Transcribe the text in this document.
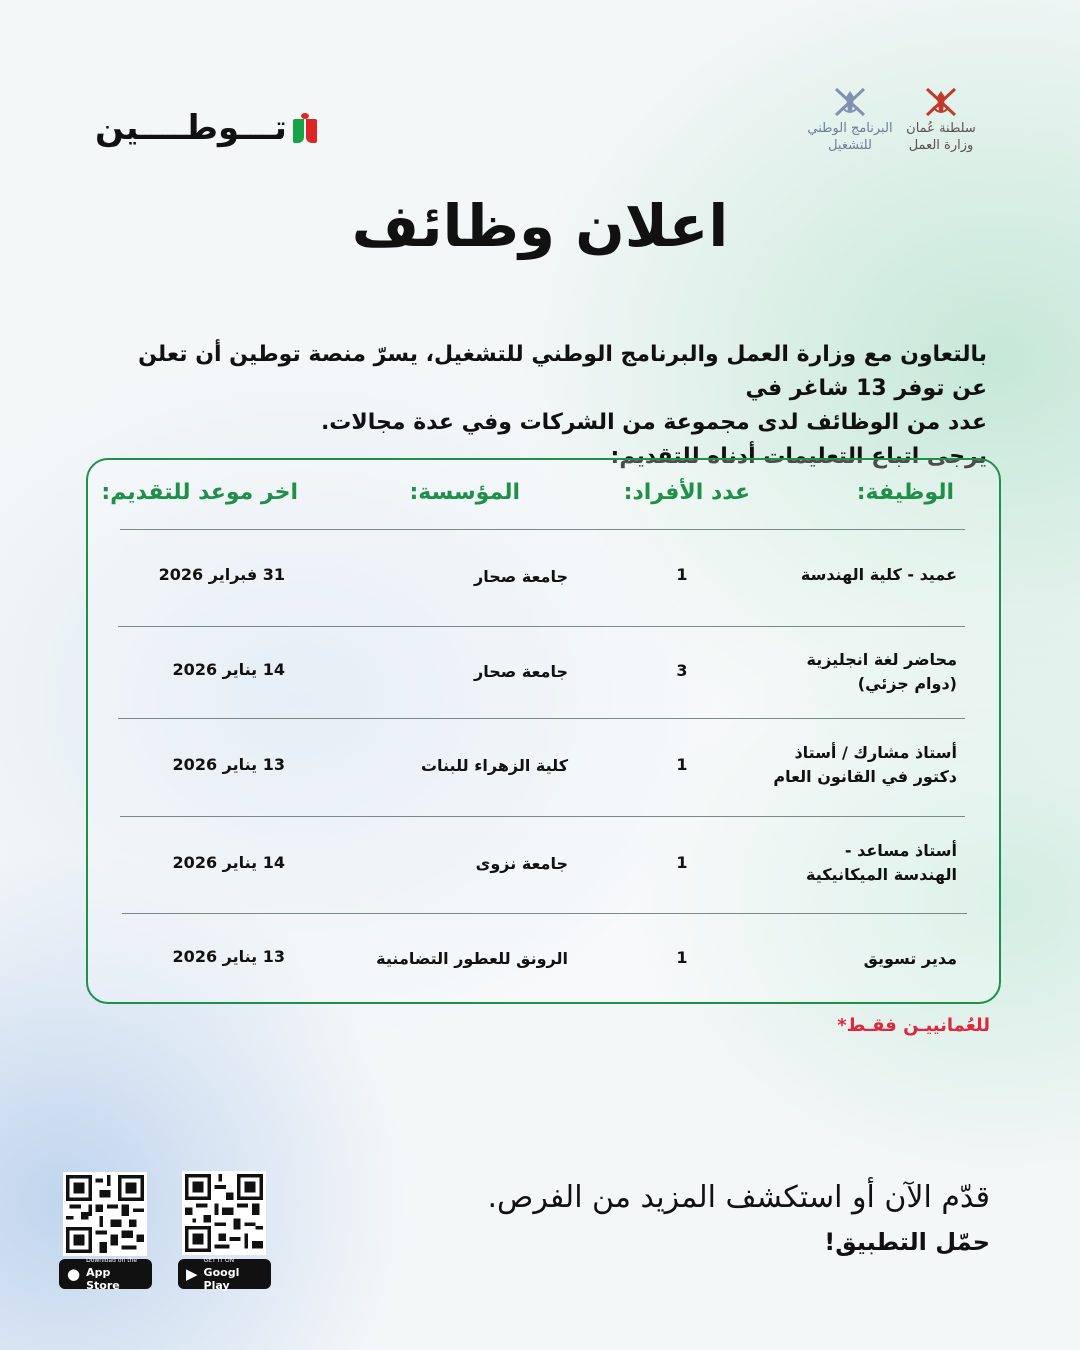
تـــوطــــين	سلطنة عُمان
وزارة العمل
البرنامج الوطني
للتشغيل
اعلان وظائف

بالتعاون مع وزارة العمل والبرنامج الوطني للتشغيل، يسرّ منصة توطين أن تعلن عن توفر 13 شاغر في

عدد من الوظائف لدى مجموعة من الشركات وفي عدة مجالات.

يرجى اتباع التعليمات أدناه للتقديم:

الوظيفة:
عدد الأفراد:
المؤسسة:
اخر موعد للتقديم:
عميد - كلية الهندسة
1
جامعة صحار
31 فبراير 2026
محاضر لغة انجليزية
(دوام جزئي)
3
جامعة صحار
14 يناير 2026
أستاذ مشارك / أستاذ
دكتور في القانون العام
1
كلية الزهراء للبنات
13 يناير 2026
أستاذ مساعد -
الهندسة الميكانيكية
1
جامعة نزوى
14 يناير 2026
مدير تسويق
1
الرونق للعطور التضامنية
13 يناير 2026
للعُمانييـن فقـط*
قدّم الآن أو استكشف المزيد من الفرص.
حمّل التطبيق!
●
Download on the
App Store
▶
GET IT ON
Googl Play
